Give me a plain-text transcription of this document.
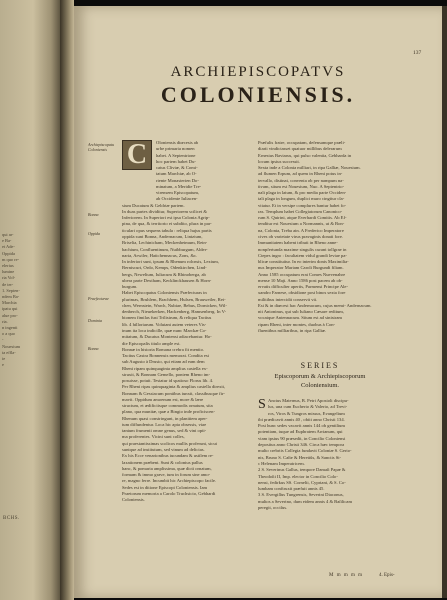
qui ar-
e Ba-
et Ade-
Oppida
m quo re-
elerius
lumine
ria Vol-
de ter-
1. Septen-
ndem Ba-
Marchia
ipatu qui
alue pro-
ria.
n ingenti
o a quo
-
Nouesium
ta effla-
ie
e
BCHS.
137
ARCHIEPISCOPATVS
COLONIENSIS.
Archiepiscopatu Coloniensis
Bonna
Oppida
Praefecturae
Dominia
Bonna
C	Oloniensis diœcesis ab
urbe primaria nomen
habet. A Septentrione
hoc partem habet Du-
catus Cliviæ, & Comi-
tatum Marchiæ, ab O-
riente Monasterien Do-
minatum, a Meridie Tre-
virensem Episcopatum,
ab Occidente Iuliacen-
sium Ducatum & Geldriæ partem.
In duas partes dividitur, Superiorem scilicet &
Inferiorem. In Superiori est ipsa Colonia Agrip-
pina, de qua, & territorio ei subdito, plura in par-
ticulari opus sequens tabula : reliqua hujus partis
oppida sunt Bonna, Andernacum, Lintzium,
Briselia, Lechinicham, Meckenheimum, Rein-
bachium, Confluentinum, Nuibburgum, Alder-
naria, Arwiler, Hatichennacus, Zons, &c.
In inferiori sunt, ipsum & Rhenum rolcnsis, Lexium,
Berniscurt, Ordo, Kemps, Odenkirchen, Lind-
bergs, Newelium, Iuliacum & Rhinoberga, ab
ubera parte Dextham, Kecklinckhausen & Horn-
burgum.
Habet Episcopatus Coloniensis Præfecturas in
plurimas, Bruhlem, Brachhem, Hulsen, Brauweiler, Rei-
chen, Wernstein, Warch, Nubiae, Bebus, Dornicken, Wil-
denberch, Nieuekerken, Hackenberg, Hamsenberg. In V-
bionem fimilas fust Trilistrum, & reliqua Tactius
lib. 4 hilloriarum. Volutant autem veteres Vis-
inum ita loca indicille, quæ nunc Marckæ Co-
mitatum, & Ducatus Montensi adiacebantur. Ho-
die Episcopalis titulo ample est.
Bonnæ in historia Romana crebra fit mentio.
Tacitus Castra Bonnensis memorat. Condita est
sub Augusto à Drusio, qui etiam ad eam dem
Rheni ripam quinquaginta amplius castella ex-
struxit, & Bonnam Gemello, pontem Rheno im-
posuisse, potuit. Testatur id spatioso Florus lib. 4.
Per Rheni ripas quinquaginta & amplius castella direxit,
Bonnam & Gessiacum pontibus iunxit, classibusque fir-
mavit. Oppidum amoenum est, more & lære
structum, et ædificiisque commodis ornatum, sita
plano, qua munitæ, quæ a Bingio inde proficiscen-
Rhenum quasi constringunt, in planitiem aper-
tum diffundentur. Loca hic apta obsessis, viae
tantum frumenti omne genus, sed & vini opti-
ma proferentes. Vicini sunt colles,
qui praestantissimas scolicos mullis proferunt, sicut
suntque ad institutum, sed vinum ad delicias.
Ex his Ecce venarionibus iucundam & ustilem re-
laxationem præbent. Sunt & colonius pallus
hanc, & pomaria amplissima, quæ dicti ornatum,
formam & immo grave, tum in forum sine amo-
re, magno ferre. Incumbit hic Archiepiscopo facile.
Sedes est in ditione Episcopi Coloniensis. Iam
Praetorum memoria a Carolo Truchsicio, Gebhardi
Coloniensis.
Præfulis fratre, occupatam, defensamque præli-
diarii vindictasset quatuor millibus delerarum
Ernestus Baviarus, qui pulso valentia, Gebharda in
locum ipsius successit.
Sexta inde a Colonia milliari, in ripa Galliæ, Nouesium.
ad flumen Erpum, ad quem in Rheni potus in-
tervallo, distinat, conventa ob per nampum na-
tivam, situm est Nouesium, Nuo. A Septentrio-
nali plaga in latum, & pro media parte Occiden-
tali plaga in longum, duplici muro cingitur cla-
vitatur. Et in versipe complures bantur habet fo-
ras. Templum habet Collegiatorum Canonico-
rum S. Quirini, atque Everhardi Comitis. Ab Ef-
tenditur est Nouesium a Normannis, ut & Bon-
na, Colonia, Treba ain. A Frederico Imperatore
cives ob varietate virus pravaginis donati fore.
Immunitatem habent tributi in Rheno anne-
nonpfertunda maxime singulis curant tollgrae in
Ctepes ingro : facultatem vidul grandi leviae pa-
blicæ constituitur. In eo interim donis Maximilia-
nus Imperator Mariam Caroli Burgundi filiam.
Anno 1585 occupatum erat Comes Nuevenahre
mense 10 Maji. Anno 1586 post pacem ab ob-
ervatis difficulter apertis, Parmensi Principe Ale-
xandro Farnese, obsidione post binos sexta fore
militibus intercidit conservit vii.
Est & in diœcesi hac Andernacum, cujus memi- Andernacum.
nit Antoninus, qui sub Iuliano Cæsare reditum,
vocatque Antennacum. Situm est ad sinistram
ripam Rheni, inter montes, duobus à Con-
fluentibus milliaribus, in ripa Galliæ.
SERIES
Episcoporum & Archiepiscoporum
Coloniensium.
S Anctus Maternus, B. Petri Apostoli discipu-
lus, una cum Eucherio & Valerio, ad Trevi-
ros, Viros & Tungros missus, Evangelium
ibi prædicavit annis 40 , obiit anno Christi 134.
Post hunc sedes vacavit annis 144 ob gentilium
potentiam, tuque ad Euphratem Arrianum, qui
viam ipsius 90 præsedit, in Concilio Coloniensi
depositus anno Christi 346. Circa hæc tempora
multo crebriis Collegia fundavit Coloniæ S. Gerio-
nis, Bruno S. Caîte & Heretiûs, & Sanctis Si-
c Helenam Imperatricem.
2 S. Severinus Gallus, tempore Damaſi Papæ &
Theodoſii II, Imp. elector in Concilio Colo-
nensi, fedirkus SS. Cornelii, Cypriani, & S. Co-
lumbam conftruxit præfuit annis 45.
3 S. Evergiſſus Tungrensis, Severini Diaconus,
multos a Severino, dum eidem annis 4 & Baſilicam
peregit, occiſus.
M m m m m	4. Epis-
